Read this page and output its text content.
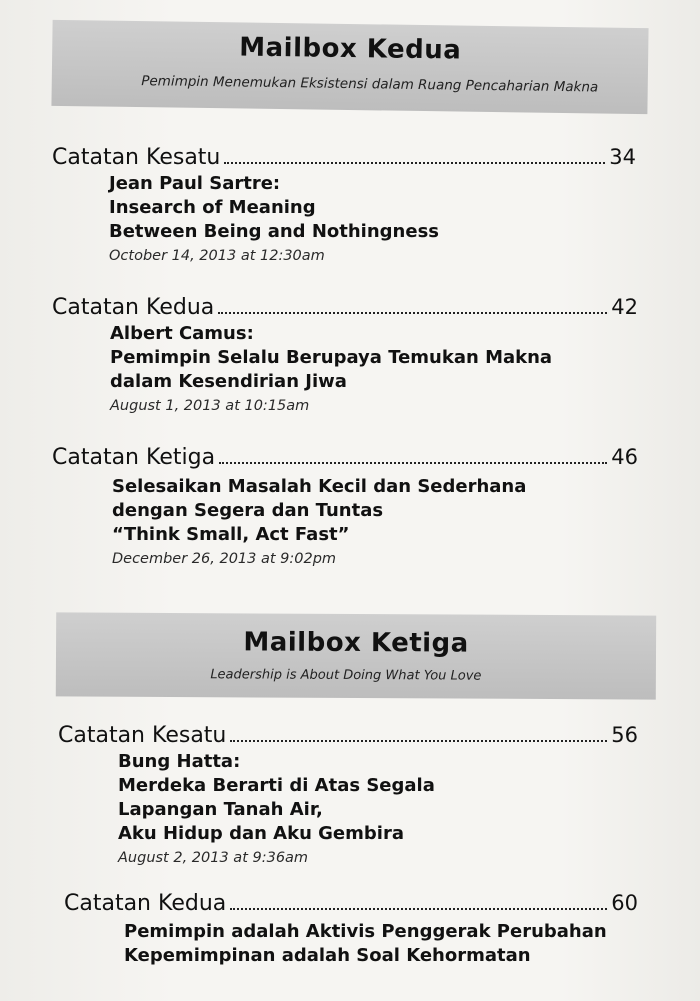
Mailbox Kedua
Pemimpin Menemukan Eksistensi dalam Ruang Pencaharian Makna
Catatan Kesatu	34
Jean Paul Sartre:
Insearch of Meaning
Between Being and Nothingness
October 14, 2013 at 12:30am
Catatan Kedua	42
Albert Camus:
Pemimpin Selalu Berupaya Temukan Makna
dalam Kesendirian Jiwa
August 1, 2013 at 10:15am
Catatan Ketiga	46
Selesaikan Masalah Kecil dan Sederhana
dengan Segera dan Tuntas
“Think Small, Act Fast”
December 26, 2013 at 9:02pm
Mailbox Ketiga
Leadership is About Doing What You Love
Catatan Kesatu	56
Bung Hatta:
Merdeka Berarti di Atas Segala
Lapangan Tanah Air,
Aku Hidup dan Aku Gembira
August 2, 2013 at 9:36am
Catatan Kedua	60
Pemimpin adalah Aktivis Penggerak Perubahan
Kepemimpinan adalah Soal Kehormatan
